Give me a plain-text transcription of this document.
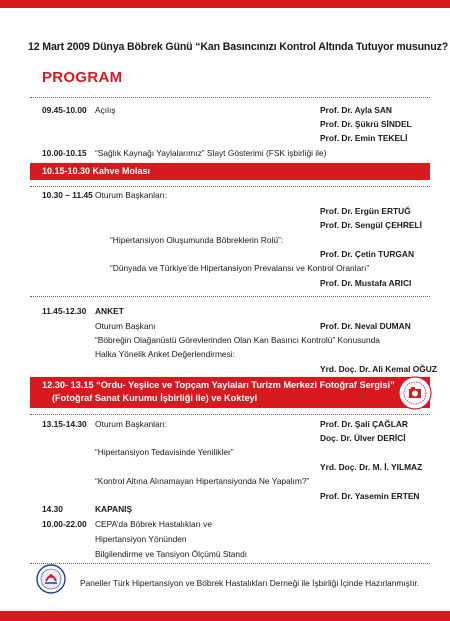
12 Mart 2009 Dünya Böbrek Günü “Kan Basıncınızı Kontrol Altında Tutuyor musunuz?
PROGRAM
09.45-10.00 Açılış	Prof. Dr. Ayla SAN
Prof. Dr. Şükrü SİNDEL
Prof. Dr. Emin TEKELİ
10.00-10.15 “Sağlık Kaynağı Yaylalarımız” Slayt Gösterimi (FSK işbirliği ile)
10.15-10.30 Kahve Molası
10.30 – 11.45 Oturum Başkanları:
Prof. Dr. Ergün ERTUĞ
Prof. Dr. Sengül ÇEHRELİ
“Hipertansiyon Oluşumunda Böbreklerin Rolü”:
Prof. Dr. Çetin TURGAN
“Dünyada ve Türkiye’de Hipertansiyon Prevalansı ve Kontrol Oranları”
Prof. Dr. Mustafa ARICI
11.45-12.30 ANKET
Oturum Başkanı	Prof. Dr. Neval DUMAN
“Böbreğin Olağanüstü Görevlerinden Olan Kan Basıncı Kontrolü” Konusunda
Halka Yönelik Anket Değerlendirmesi:
Yrd. Doç. Dr. Ali Kemal OĞUZ
12.30- 13.15 “Ordu- Yeşilce ve Topçam Yaylaları Turizm Merkezi Fotoğraf Sergisi”
(Fotoğraf Sanat Kurumu İşbirliği ile) ve Kokteyl
13.15-14.30 Oturum Başkanları:	Prof. Dr. Şali ÇAĞLAR
Doç. Dr. Ülver DERİCİ
“Hipertansiyon Tedavisinde Yenilikler”
Yrd. Doç. Dr. M. İ. YILMAZ
“Kontrol Altına Alınamayan Hipertansiyonda Ne Yapalım?”
Prof. Dr. Yasemin ERTEN
14.30	KAPANIŞ
10.00-22.00 CEPA’da Böbrek Hastalıkları ve
Hipertansiyon Yönünden
Bilgilendirme ve Tansiyon Ölçümü Standı
Paneller Türk Hipertansiyon ve Böbrek Hastalıkları Derneği ile İşbirliği İçinde Hazırlanmıştır.
